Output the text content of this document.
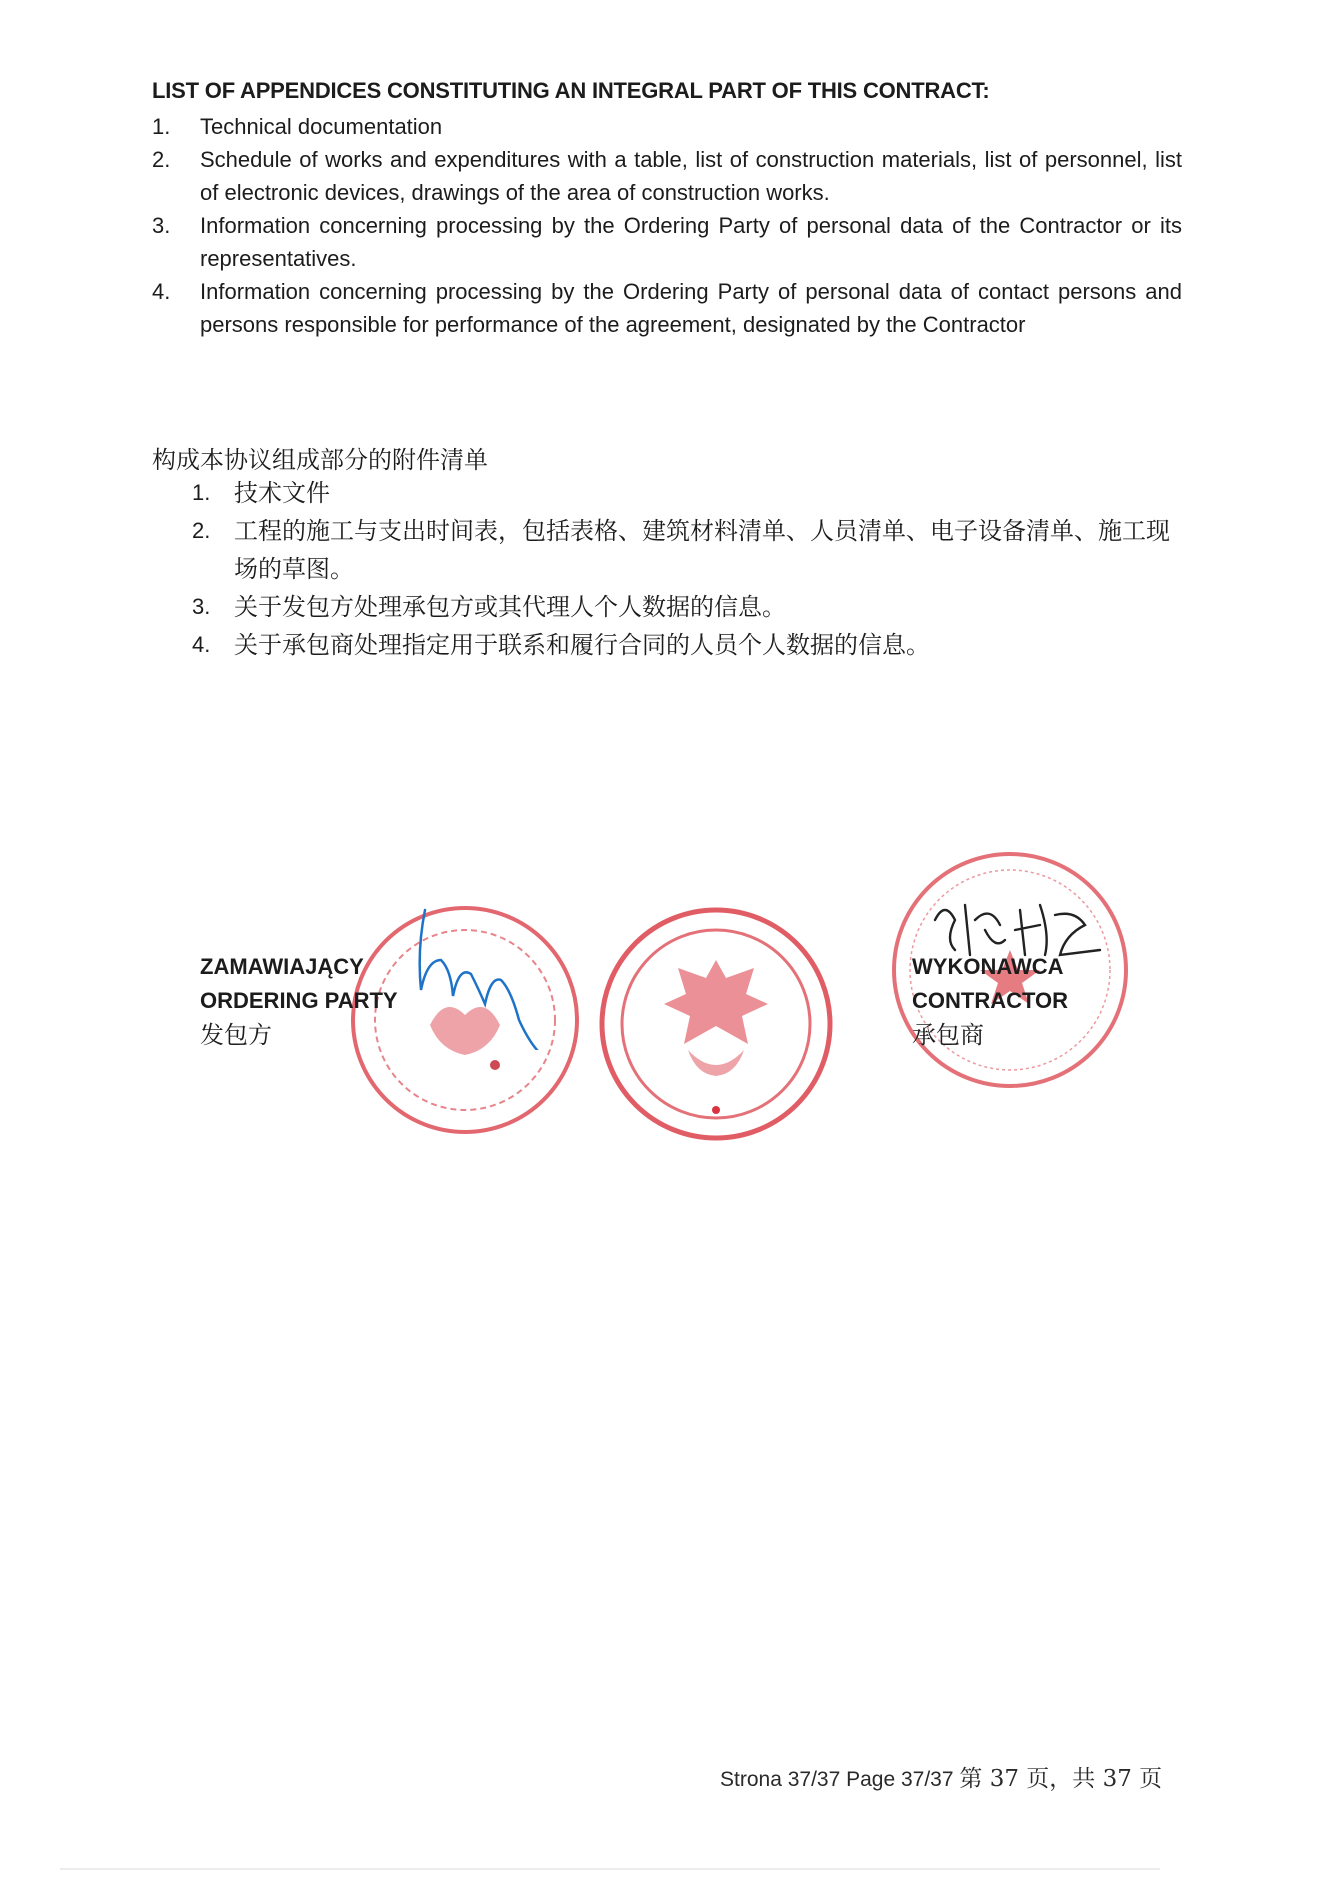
LIST OF APPENDICES CONSTITUTING AN INTEGRAL PART OF THIS CONTRACT:
1. Technical documentation
2. Schedule of works and expenditures with a table, list of construction materials, list of personnel, list of electronic devices, drawings of the area of construction works.
3. Information concerning processing by the Ordering Party of personal data of the Contractor or its representatives.
4. Information concerning processing by the Ordering Party of personal data of contact persons and persons responsible for performance of the agreement, designated by the Contractor
构成本协议组成部分的附件清单
1. 技术文件
2. 工程的施工与支出时间表，包括表格、建筑材料清单、人员清单、电子设备清单、施工现场的草图。
3. 关于发包方处理承包方或其代理人个人数据的信息。
4. 关于承包商处理指定用于联系和履行合同的人员个人数据的信息。
ZAMAWIAJĄCY
ORDERING PARTY
发包方
WYKONAWCA
CONTRACTOR
承包商
Strona 37/37 Page 37/37 第 37 页，共 37 页
